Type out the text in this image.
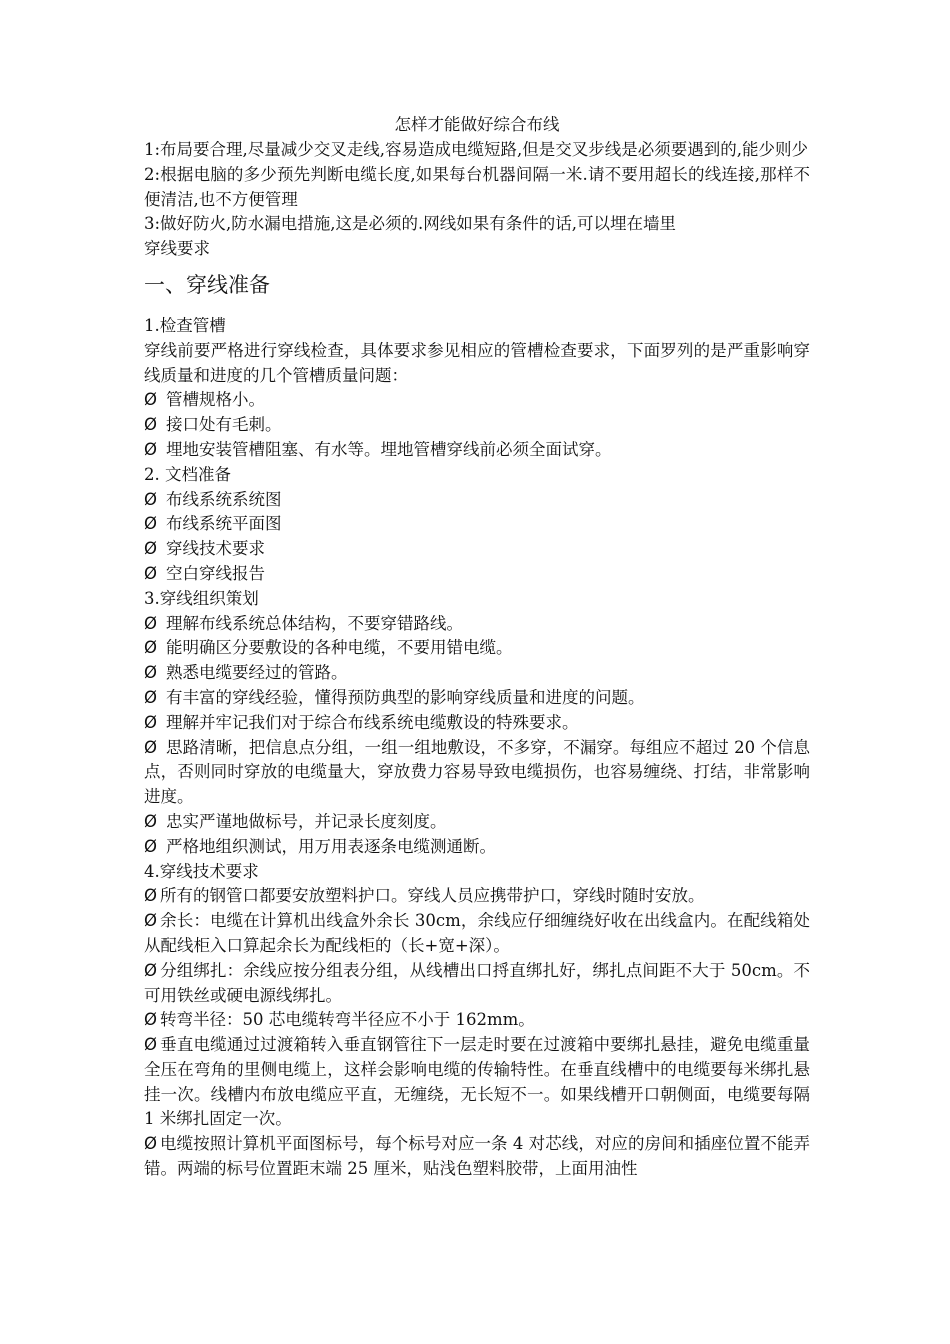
怎样才能做好综合布线

1:布局要合理,尽量减少交叉走线,容易造成电缆短路,但是交叉步线是必须要遇到的,能少则少

2:根据电脑的多少预先判断电缆长度,如果每台机器间隔一米.请不要用超长的线连接,那样不便清洁,也不方便管理

3:做好防火,防水漏电措施,这是必须的.网线如果有条件的话,可以埋在墙里

穿线要求

一、穿线准备

1.检查管槽

穿线前要严格进行穿线检查，具体要求参见相应的管槽检查要求，下面罗列的是严重影响穿线质量和进度的几个管槽质量问题：

Ø 管槽规格小。

Ø 接口处有毛刺。

Ø 埋地安装管槽阻塞、有水等。埋地管槽穿线前必须全面试穿。

2. 文档准备

Ø 布线系统系统图

Ø 布线系统平面图

Ø 穿线技术要求

Ø 空白穿线报告

3.穿线组织策划

Ø 理解布线系统总体结构，不要穿错路线。

Ø 能明确区分要敷设的各种电缆，不要用错电缆。

Ø 熟悉电缆要经过的管路。

Ø 有丰富的穿线经验，懂得预防典型的影响穿线质量和进度的问题。

Ø 理解并牢记我们对于综合布线系统电缆敷设的特殊要求。

Ø 思路清晰，把信息点分组，一组一组地敷设，不多穿，不漏穿。每组应不超过 20 个信息点，否则同时穿放的电缆量大，穿放费力容易导致电缆损伤，也容易缠绕、打结，非常影响进度。

Ø 忠实严谨地做标号，并记录长度刻度。

Ø 严格地组织测试，用万用表逐条电缆测通断。

4.穿线技术要求

Ø 所有的钢管口都要安放塑料护口。穿线人员应携带护口，穿线时随时安放。

Ø 余长：电缆在计算机出线盒外余长 30cm，余线应仔细缠绕好收在出线盒内。在配线箱处从配线柜入口算起余长为配线柜的（长+宽+深）。

Ø 分组绑扎：余线应按分组表分组，从线槽出口捋直绑扎好，绑扎点间距不大于 50cm。不可用铁丝或硬电源线绑扎。

Ø 转弯半径：50 芯电缆转弯半径应不小于 162mm。

Ø 垂直电缆通过过渡箱转入垂直钢管往下一层走时要在过渡箱中要绑扎悬挂，避免电缆重量全压在弯角的里侧电缆上，这样会影响电缆的传输特性。在垂直线槽中的电缆要每米绑扎悬挂一次。线槽内布放电缆应平直，无缠绕，无长短不一。如果线槽开口朝侧面，电缆要每隔 1 米绑扎固定一次。

Ø 电缆按照计算机平面图标号，每个标号对应一条 4 对芯线，对应的房间和插座位置不能弄错。两端的标号位置距末端 25 厘米，贴浅色塑料胶带，上面用油性
